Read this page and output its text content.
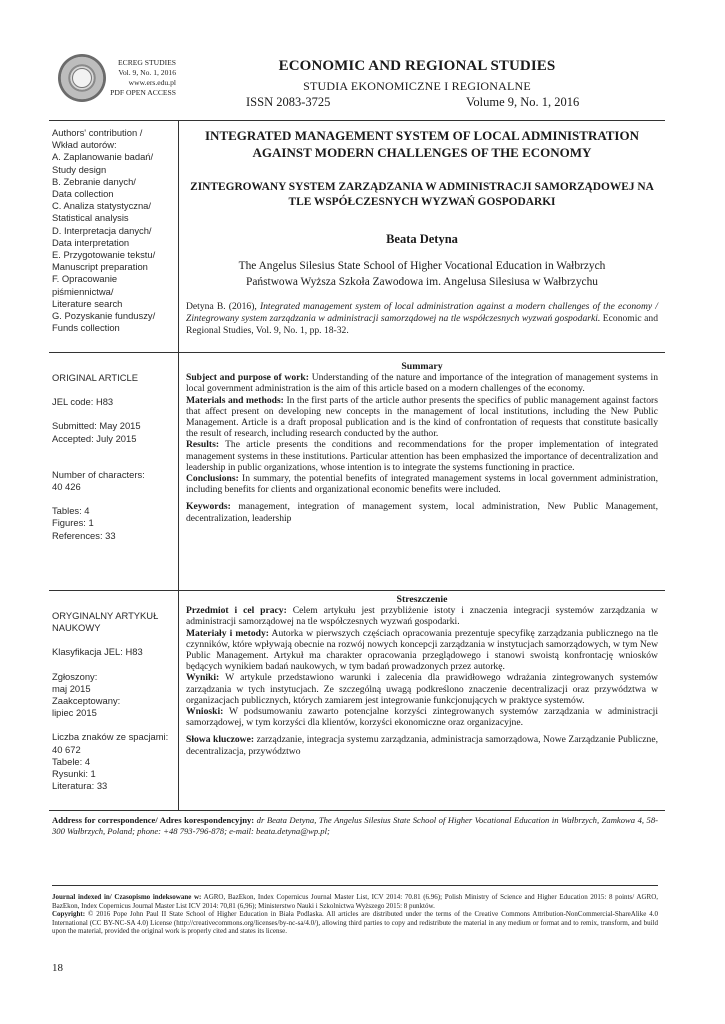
ECREG STUDIES
Vol. 9, No. 1, 2016
www.ers.edu.pl
PDF OPEN ACCESS
ECONOMIC AND REGIONAL STUDIES
STUDIA EKONOMICZNE I REGIONALNE
ISSN 2083-3725	Volume 9, No. 1, 2016

Authors' contribution /

Wkład autorów:

A. Zaplanowanie badań/

Study design

B. Zebranie danych/

Data collection

C. Analiza statystyczna/

Statistical analysis

D. Interpretacja danych/

Data interpretation

E. Przygotowanie tekstu/

Manuscript preparation

F. Opracowanie

piśmiennictwa/

Literature search

G. Pozyskanie funduszy/

Funds collection

ORIGINAL ARTICLE

JEL code: H83

Submitted: May 2015

Accepted: July 2015

Number of characters:

40 426

Tables: 4

Figures: 1

References: 33

ORYGINALNY ARTYKUŁ NAUKOWY

Klasyfikacja JEL: H83

Zgłoszony:

maj 2015

Zaakceptowany:

lipiec 2015

Liczba znaków ze spacjami:

40 672

Tabele: 4

Rysunki: 1

Literatura: 33

INTEGRATED MANAGEMENT SYSTEM OF LOCAL ADMINISTRATION AGAINST MODERN CHALLENGES OF THE ECONOMY
ZINTEGROWANY SYSTEM ZARZĄDZANIA W ADMINISTRACJI SAMORZĄDOWEJ NA TLE WSPÓŁCZESNYCH WYZWAŃ GOSPODARKI
Beata Detyna
The Angelus Silesius State School of Higher Vocational Education in Wałbrzych
Państwowa Wyższa Szkoła Zawodowa im. Angelusa Silesiusa w Wałbrzychu
Detyna B. (2016), Integrated management system of local administration against a modern challenges of the economy / Zintegrowany system zarządzania w administracji samorządowej na tle współczesnych wyzwań gospodarki. Economic and Regional Studies, Vol. 9, No. 1, pp. 18-32.
Summary
Subject and purpose of work: Understanding of the nature and importance of the integration of management systems in local government administration is the aim of this article based on a modern challenges of the economy.
Materials and methods: In the first parts of the article author presents the specifics of public management against factors that affect present on developing new concepts in the management of local institutions, including the New Public Management. Article is a draft proposal publication and is the kind of confrontation of requests that constitute basically the result of research, including research conducted by the author.
Results: The article presents the conditions and recommendations for the proper implementation of integrated management systems in these institutions. Particular attention has been emphasized the importance of decentralization and leadership in public organizations, whose intention is to integrate the systems functioning in practice.
Conclusions: In summary, the potential benefits of integrated management systems in local government administration, including benefits for clients and organizational economic benefits were included.
Keywords: management, integration of management system, local administration, New Public Management, decentralization, leadership
Streszczenie
Przedmiot i cel pracy: Celem artykułu jest przybliżenie istoty i znaczenia integracji systemów zarządzania w administracji samorządowej na tle współczesnych wyzwań gospodarki.
Materiały i metody: Autorka w pierwszych częściach opracowania prezentuje specyfikę zarządzania publicznego na tle czynników, które wpływają obecnie na rozwój nowych koncepcji zarządzania w instytucjach samorządowych, w tym New Public Management. Artykuł ma charakter opracowania przeglądowego i stanowi swoistą konfrontację wniosków będących wynikiem badań naukowych, w tym badań prowadzonych przez autorkę.
Wyniki: W artykule przedstawiono warunki i zalecenia dla prawidłowego wdrażania zintegrowanych systemów zarządzania w tych instytucjach. Ze szczególną uwagą podkreślono znaczenie decentralizacji oraz przywództwa w organizacjach publicznych, których zamiarem jest integrowanie funkcjonujących w praktyce systemów.
Wnioski: W podsumowaniu zawarto potencjalne korzyści zintegrowanych systemów zarządzania w administracji samorządowej, w tym korzyści dla klientów, korzyści ekonomiczne oraz organizacyjne.
Słowa kluczowe: zarządzanie, integracja systemu zarządzania, administracja samorządowa, Nowe Zarządzanie Publiczne, decentralizacja, przywództwo
Address for correspondence/ Adres korespondencyjny: dr Beata Detyna, The Angelus Silesius State School of Higher Vocational Education in Wałbrzych, Zamkowa 4, 58-300 Wałbrzych, Poland; phone: +48 793-796-878; e-mail: beata.detyna@wp.pl;
Journal indexed in/ Czasopismo indeksowane w: AGRO, BazEkon, Index Copernicus Journal Master List, ICV 2014: 70.81 (6.96); Polish Ministry of Science and Higher Education 2015: 8 points/ AGRO, BazEkon, Index Copernicus Journal Master List ICV 2014: 70,81 (6,96); Ministerstwo Nauki i Szkolnictwa Wyższego 2015: 8 punktów.
Copyright: © 2016 Pope John Paul II State School of Higher Education in Biała Podlaska. All articles are distributed under the terms of the Creative Commons Attribution-NonCommercial-ShareAlike 4.0 International (CC BY-NC-SA 4.0) License (http://creativecommons.org/licenses/by-nc-sa/4.0/), allowing third parties to copy and redistribute the material in any medium or format and to remix, transform, and build upon the material, provided the original work is properly cited and states its license.
18
